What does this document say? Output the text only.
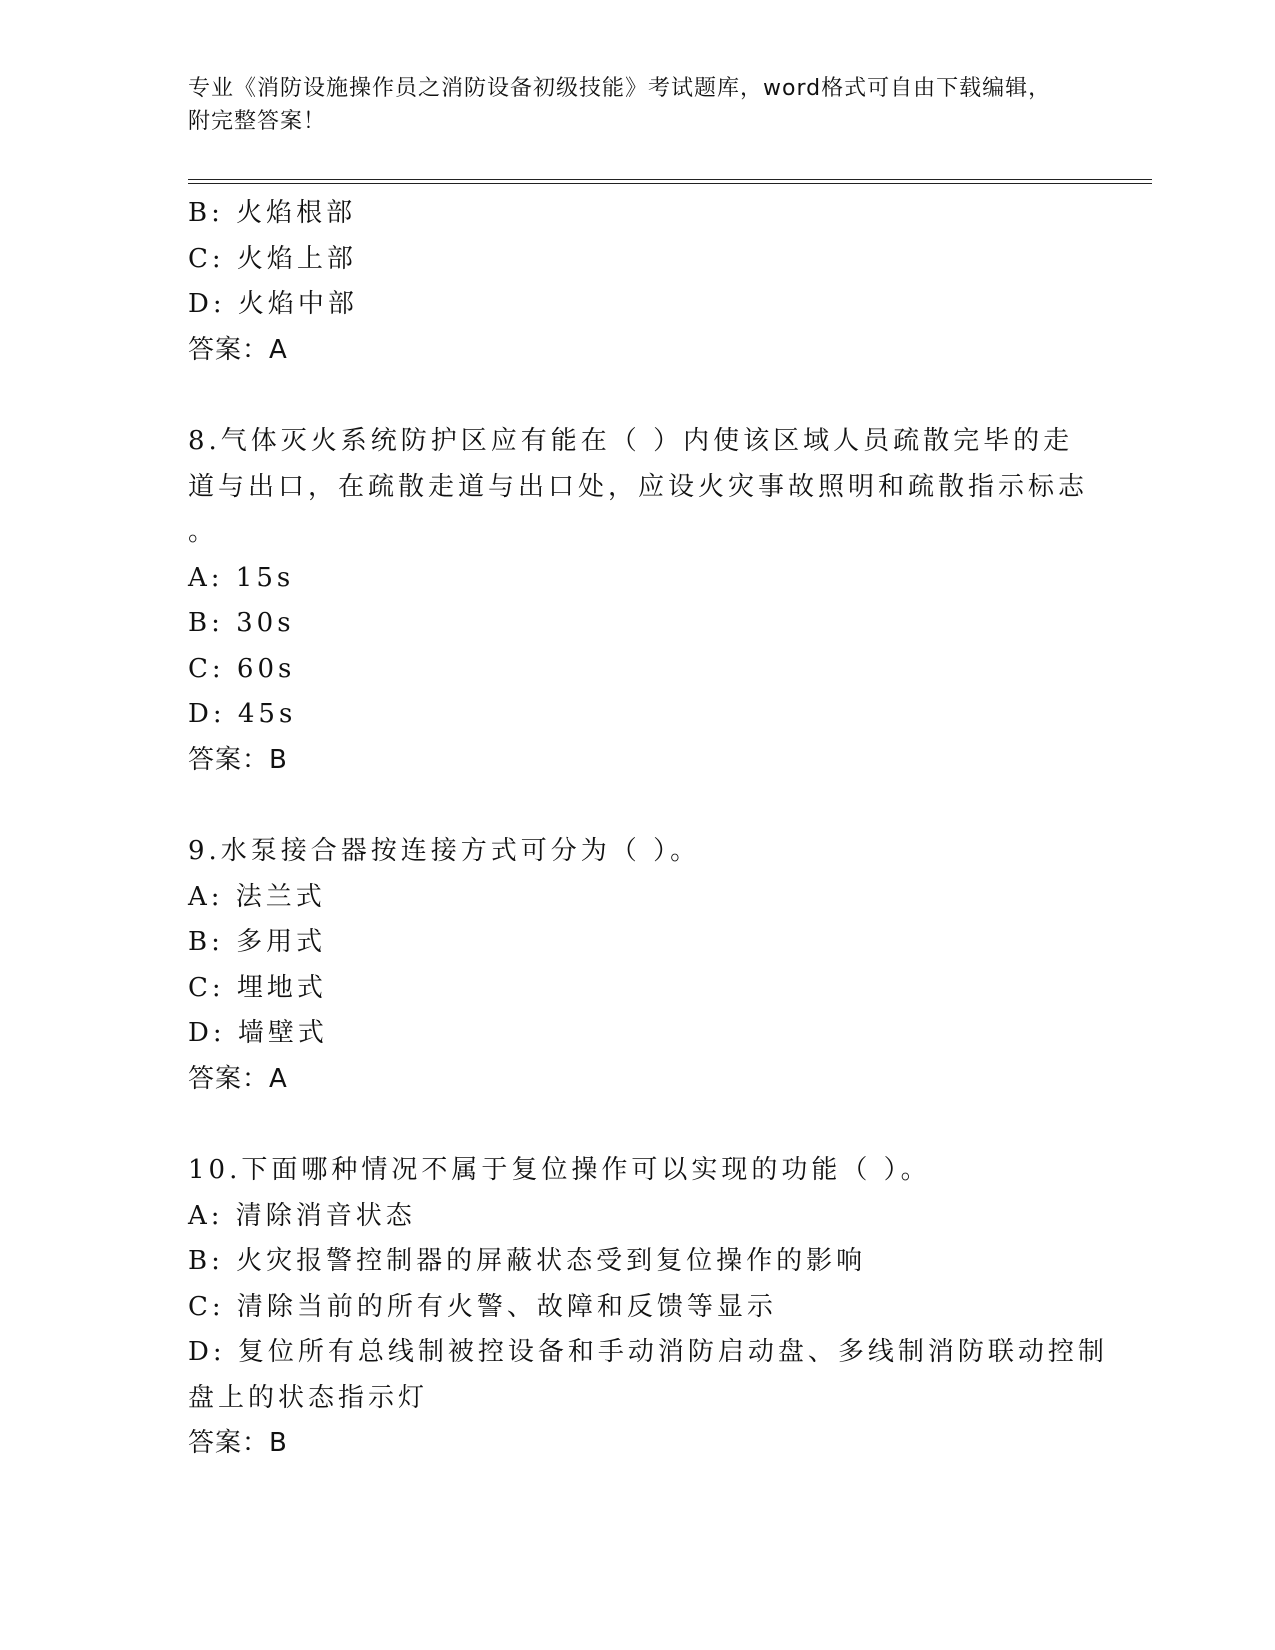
专业《消防设施操作员之消防设备初级技能》考试题库，word格式可自由下载编辑，附完整答案！
B: 火焰根部
C: 火焰上部
D: 火焰中部
答案：A
8.气体灭火系统防护区应有能在（ ）内使该区域人员疏散完毕的走
道与出口，在疏散走道与出口处，应设火灾事故照明和疏散指示标志
。
A: 15s
B: 30s
C: 60s
D: 45s
答案：B
9.水泵接合器按连接方式可分为（ ）。
A: 法兰式
B: 多用式
C: 埋地式
D: 墙壁式
答案：A
10.下面哪种情况不属于复位操作可以实现的功能（ ）。
A: 清除消音状态
B: 火灾报警控制器的屏蔽状态受到复位操作的影响
C: 清除当前的所有火警、故障和反馈等显示
D: 复位所有总线制被控设备和手动消防启动盘、多线制消防联动控制
盘上的状态指示灯
答案：B
